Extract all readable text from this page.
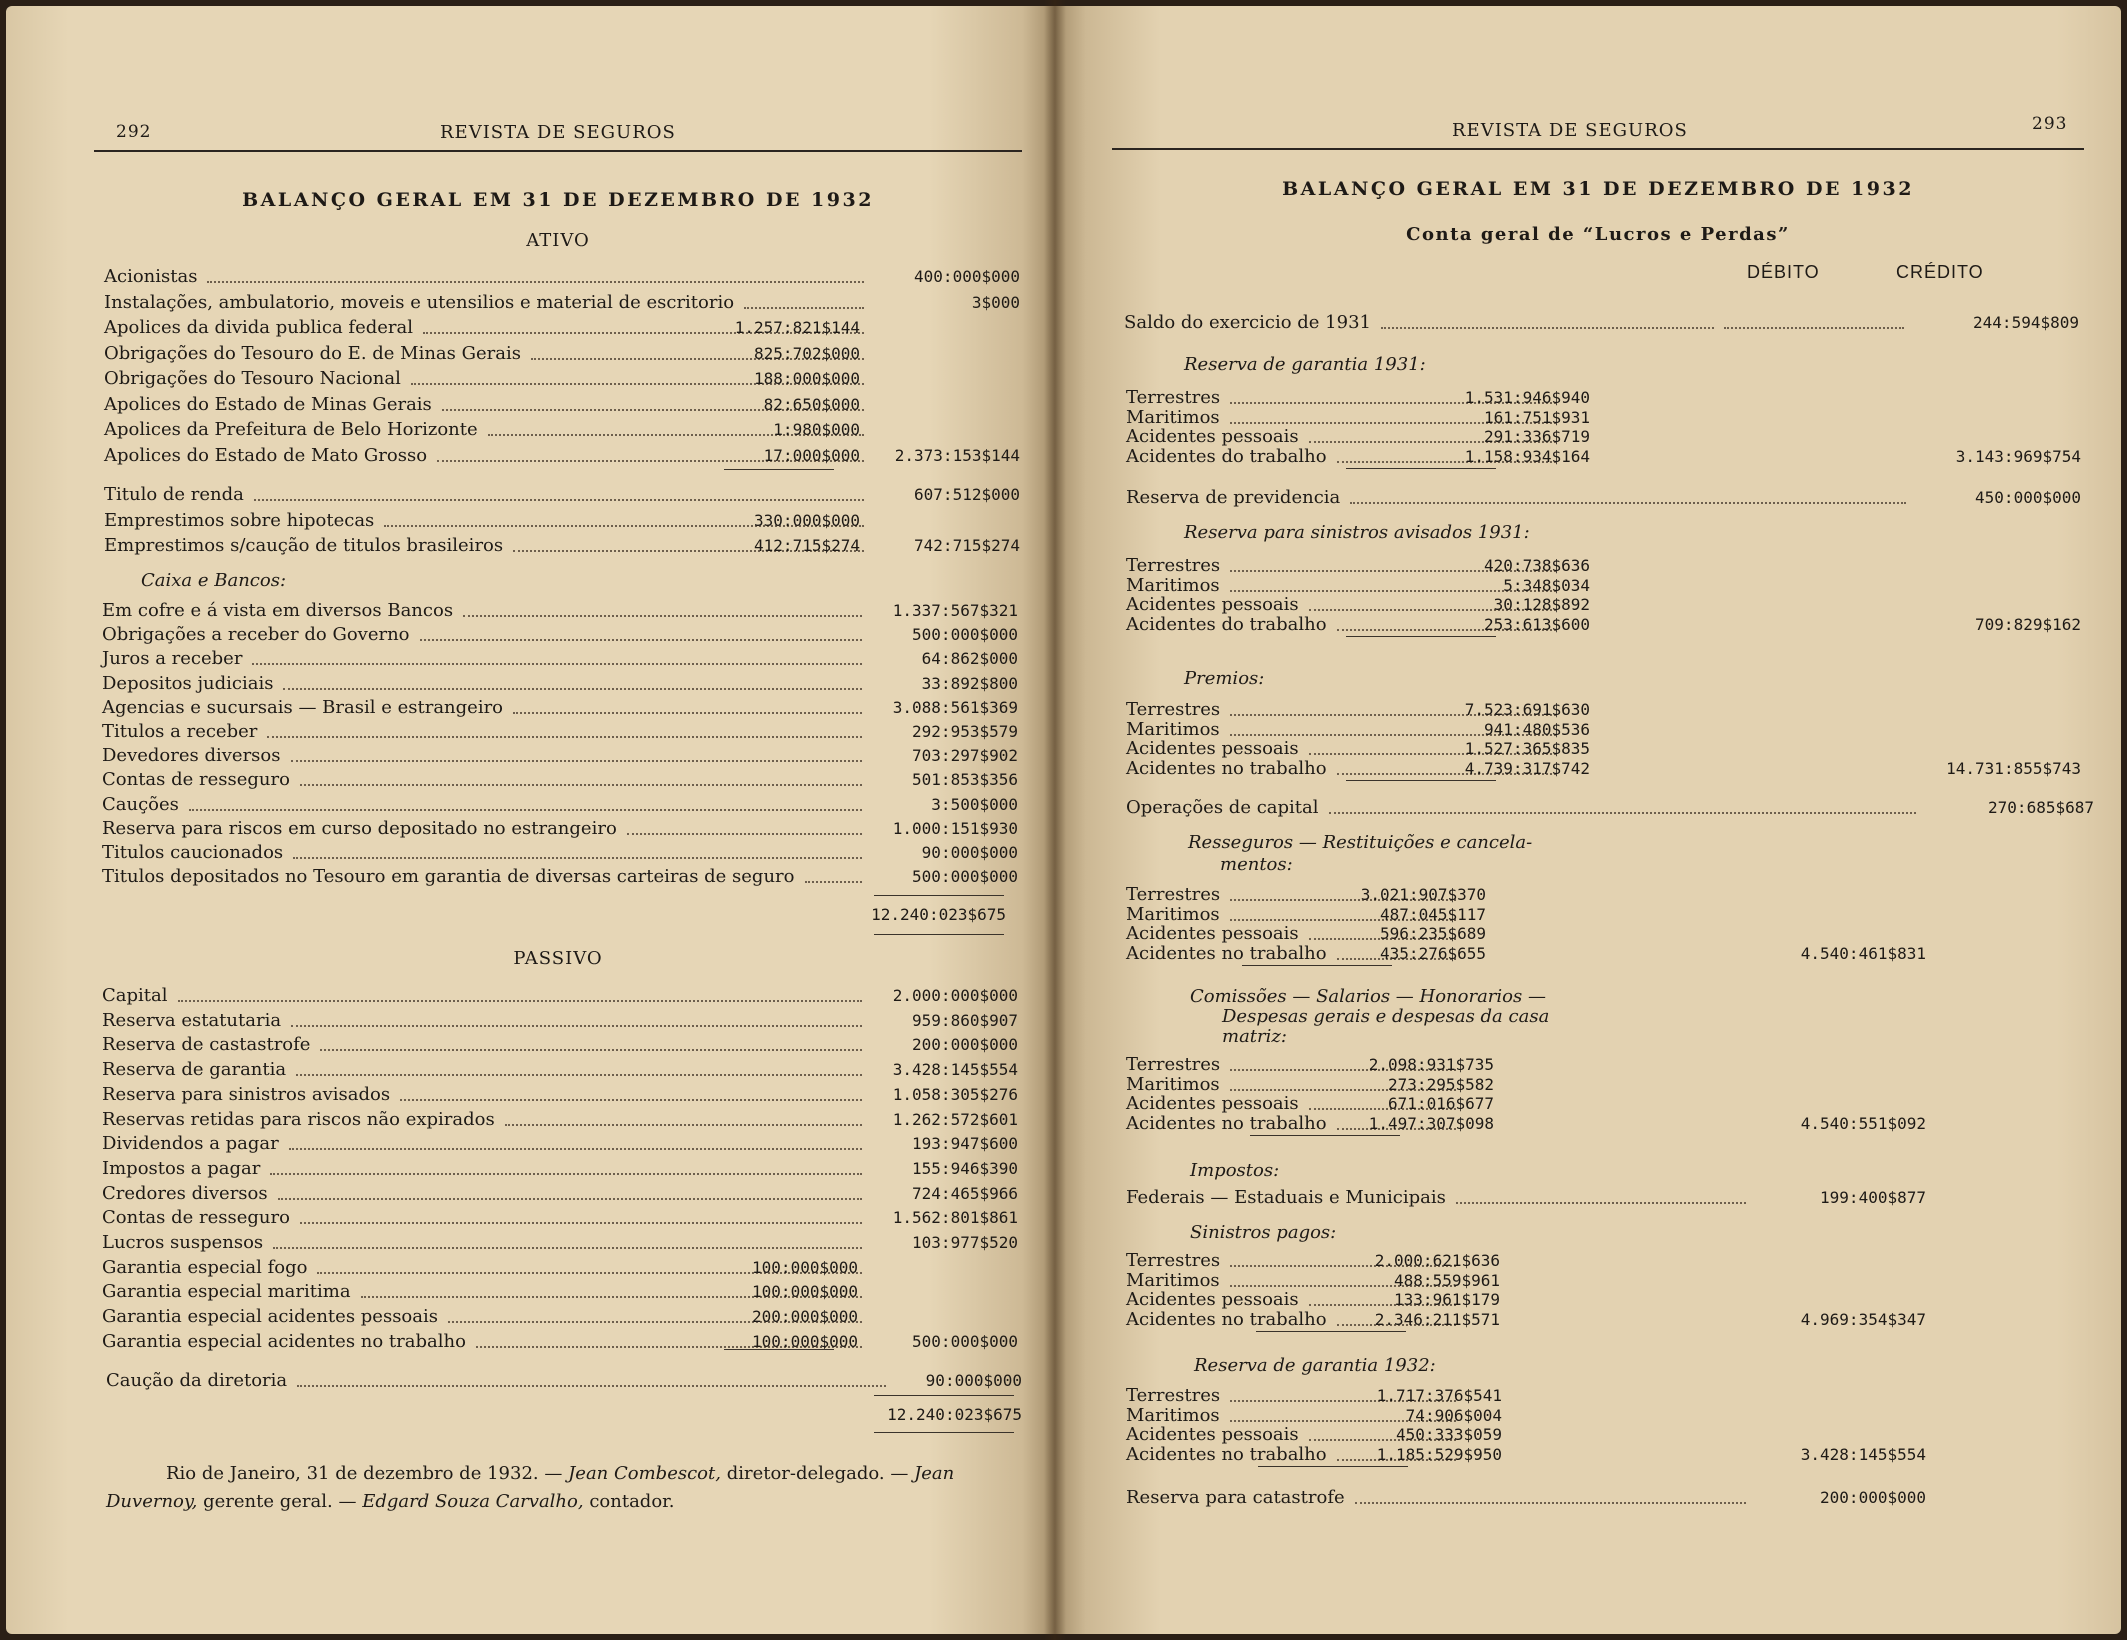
292	REVISTA DE SEGUROS
BALANÇO GERAL EM 31 DE DEZEMBRO DE 1932
ATIVO
Acionistas	400:000$000
Instalações, ambulatorio, moveis e utensilios e material de escritorio	3$000
Apolices da divida publica federal	1.257:821$144
Obrigações do Tesouro do E. de Minas Gerais	825:702$000
Obrigações do Tesouro Nacional	188:000$000
Apolices do Estado de Minas Gerais	82:650$000
Apolices da Prefeitura de Belo Horizonte	1:980$000
Apolices do Estado de Mato Grosso	17:000$000	2.373:153$144
Titulo de renda	607:512$000
Emprestimos sobre hipotecas	330:000$000
Emprestimos s/caução de titulos brasileiros	412:715$274	742:715$274
Caixa e Bancos:
Em cofre e á vista em diversos Bancos	1.337:567$321
Obrigações a receber do Governo	500:000$000
Juros a receber	64:862$000
Depositos judiciais	33:892$800
Agencias e sucursais — Brasil e estrangeiro	3.088:561$369
Titulos a receber	292:953$579
Devedores diversos	703:297$902
Contas de resseguro	501:853$356
Cauções	3:500$000
Reserva para riscos em curso depositado no estrangeiro	1.000:151$930
Titulos caucionados	90:000$000
Titulos depositados no Tesouro em garantia de diversas carteiras de seguro	500:000$000
12.240:023$675
PASSIVO
Capital	2.000:000$000
Reserva estatutaria	959:860$907
Reserva de castastrofe	200:000$000
Reserva de garantia	3.428:145$554
Reserva para sinistros avisados	1.058:305$276
Reservas retidas para riscos não expirados	1.262:572$601
Dividendos a pagar	193:947$600
Impostos a pagar	155:946$390
Credores diversos	724:465$966
Contas de resseguro	1.562:801$861
Lucros suspensos	103:977$520
Garantia especial fogo	100:000$000
Garantia especial maritima	100:000$000
Garantia especial acidentes pessoais	200:000$000
Garantia especial acidentes no trabalho	100:000$000	500:000$000
Caução da diretoria	90:000$000
12.240:023$675
Rio de Janeiro, 31 de dezembro de 1932. — Jean Combescot, diretor-delegado. — Jean
Duvernoy, gerente geral. — Edgard Souza Carvalho, contador.
REVISTA DE SEGUROS	293
BALANÇO GERAL EM 31 DE DEZEMBRO DE 1932
Conta geral de “Lucros e Perdas”
DÉBITO	CRÉDITO
Saldo do exercicio de 1931	244:594$809
Reserva de garantia 1931:
Terrestres	1.531:946$940
Maritimos	161:751$931
Acidentes pessoais	291:336$719
Acidentes do trabalho	1.158:934$164	3.143:969$754
Reserva de previdencia	450:000$000
Reserva para sinistros avisados 1931:
Terrestres	420:738$636
Maritimos	5:348$034
Acidentes pessoais	30:128$892
Acidentes do trabalho	253:613$600	709:829$162
Premios:
Terrestres	7.523:691$630
Maritimos	941:480$536
Acidentes pessoais	1.527:365$835
Acidentes no trabalho	4.739:317$742	14.731:855$743
Operações de capital	270:685$687
Resseguros — Restituições e cancela-
mentos:
Terrestres	3.021:907$370
Maritimos	487:045$117
Acidentes pessoais	596:235$689
Acidentes no trabalho	435:276$655	4.540:461$831
Comissões — Salarios — Honorarios —
Despesas gerais e despesas da casa
matriz:
Terrestres	2.098:931$735
Maritimos	273:295$582
Acidentes pessoais	671:016$677
Acidentes no trabalho	1.497:307$098	4.540:551$092
Impostos:
Federais — Estaduais e Municipais	199:400$877
Sinistros pagos:
Terrestres	2.000:621$636
Maritimos	488:559$961
Acidentes pessoais	133:961$179
Acidentes no trabalho	2.346:211$571	4.969:354$347
Reserva de garantia 1932:
Terrestres	1.717:376$541
Maritimos	74:906$004
Acidentes pessoais	450:333$059
Acidentes no trabalho	1.185:529$950	3.428:145$554
Reserva para catastrofe	200:000$000
